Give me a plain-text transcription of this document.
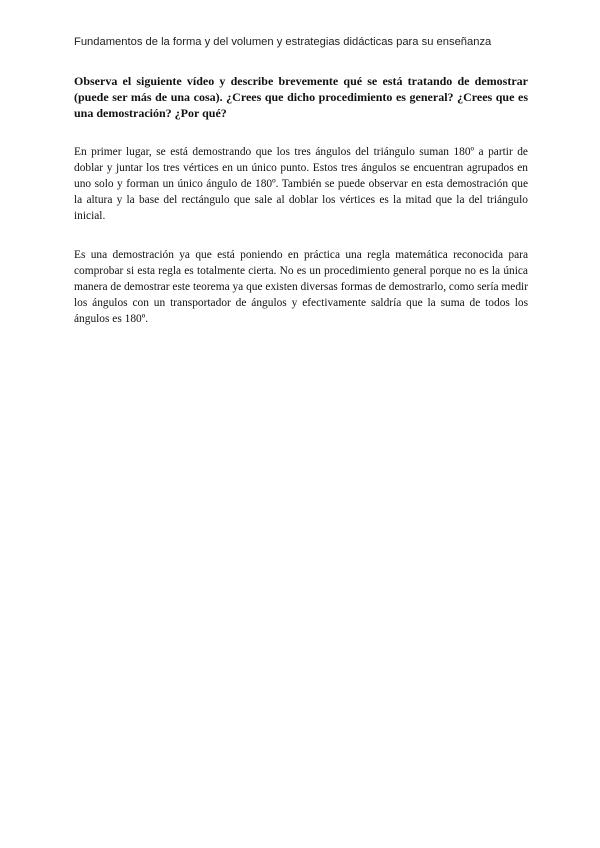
Fundamentos de la forma y del volumen y estrategias didácticas para su enseñanza

Observa el siguiente vídeo y describe brevemente qué se está tratando de demostrar (puede ser más de una cosa). ¿Crees que dicho procedimiento es general? ¿Crees que es una demostración? ¿Por qué?

En primer lugar, se está demostrando que los tres ángulos del triángulo suman 180º a partir de doblar y juntar los tres vértices en un único punto. Estos tres ángulos se encuentran agrupados en uno solo y forman un único ángulo de 180º. También se puede observar en esta demostración que la altura y la base del rectángulo que sale al doblar los vértices es la mitad que la del triángulo inicial.

Es una demostración ya que está poniendo en práctica una regla matemática reconocida para comprobar si esta regla es totalmente cierta. No es un procedimiento general porque no es la única manera de demostrar este teorema ya que existen diversas formas de demostrarlo, como sería medir los ángulos con un transportador de ángulos y efectivamente saldría que la suma de todos los ángulos es 180º.
